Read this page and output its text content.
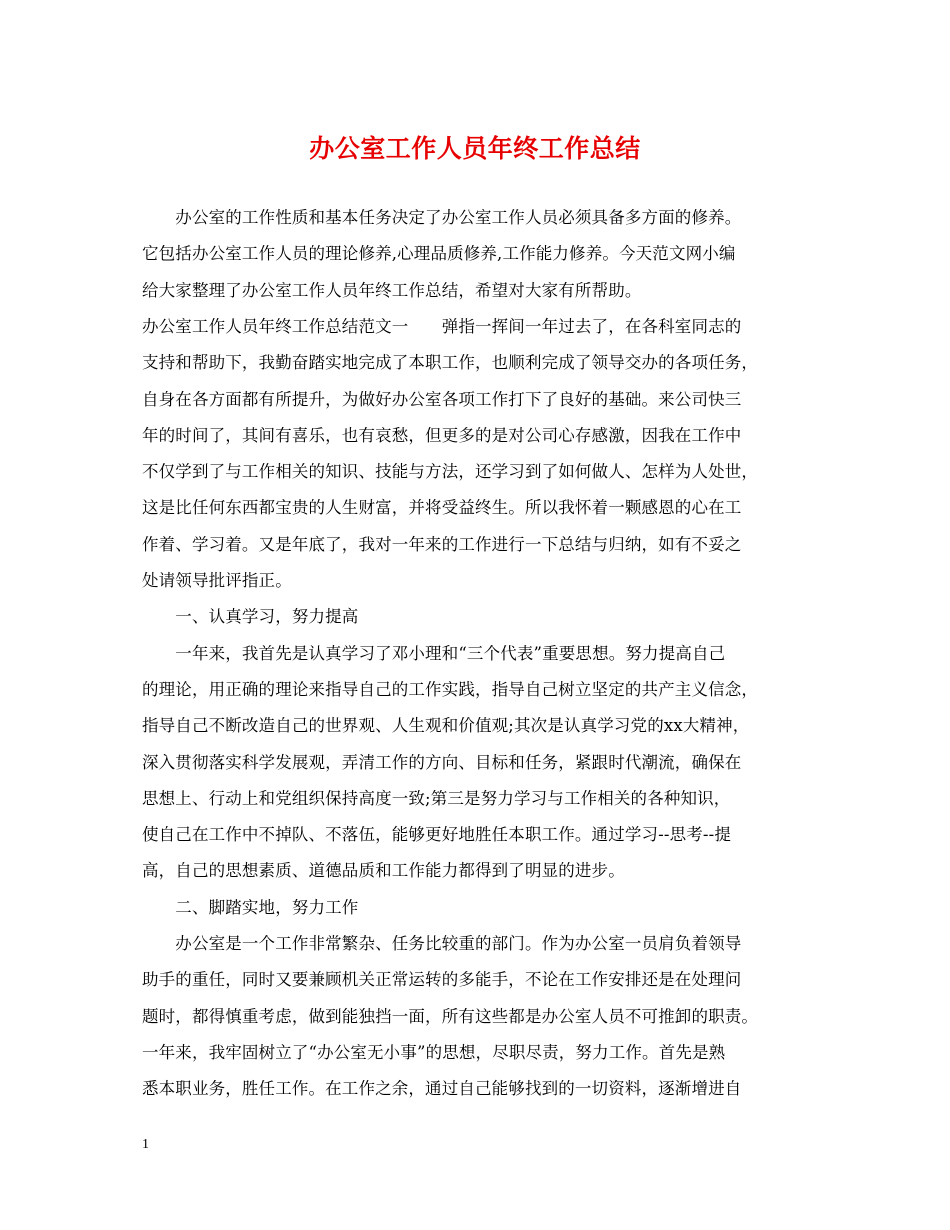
办公室工作人员年终工作总结
　　办公室的工作性质和基本任务决定了办公室工作人员必须具备多方面的修养。
它包括办公室工作人员的理论修养,心理品质修养,工作能力修养。今天范文网小编
给大家整理了办公室工作人员年终工作总结，希望对大家有所帮助。
办公室工作人员年终工作总结范文一　　弹指一挥间一年过去了，在各科室同志的
支持和帮助下，我勤奋踏实地完成了本职工作，也顺利完成了领导交办的各项任务，
自身在各方面都有所提升，为做好办公室各项工作打下了良好的基础。来公司快三
年的时间了，其间有喜乐，也有哀愁，但更多的是对公司心存感激，因我在工作中
不仅学到了与工作相关的知识、技能与方法，还学习到了如何做人、怎样为人处世，
这是比任何东西都宝贵的人生财富，并将受益终生。所以我怀着一颗感恩的心在工
作着、学习着。又是年底了，我对一年来的工作进行一下总结与归纳，如有不妥之
处请领导批评指正。
　　一、认真学习，努力提高
　　一年来，我首先是认真学习了邓小理和“三个代表”重要思想。努力提高自己
的理论，用正确的理论来指导自己的工作实践，指导自己树立坚定的共产主义信念，
指导自己不断改造自己的世界观、人生观和价值观;其次是认真学习党的xx大精神，
深入贯彻落实科学发展观，弄清工作的方向、目标和任务，紧跟时代潮流，确保在
思想上、行动上和党组织保持高度一致;第三是努力学习与工作相关的各种知识，
使自己在工作中不掉队、不落伍，能够更好地胜任本职工作。通过学习--思考--提
高，自己的思想素质、道德品质和工作能力都得到了明显的进步。
　　二、脚踏实地，努力工作
　　办公室是一个工作非常繁杂、任务比较重的部门。作为办公室一员肩负着领导
助手的重任，同时又要兼顾机关正常运转的多能手，不论在工作安排还是在处理问
题时，都得慎重考虑，做到能独挡一面，所有这些都是办公室人员不可推卸的职责。
一年来，我牢固树立了“办公室无小事”的思想，尽职尽责，努力工作。首先是熟
悉本职业务，胜任工作。在工作之余，通过自己能够找到的一切资料，逐渐增进自
1
